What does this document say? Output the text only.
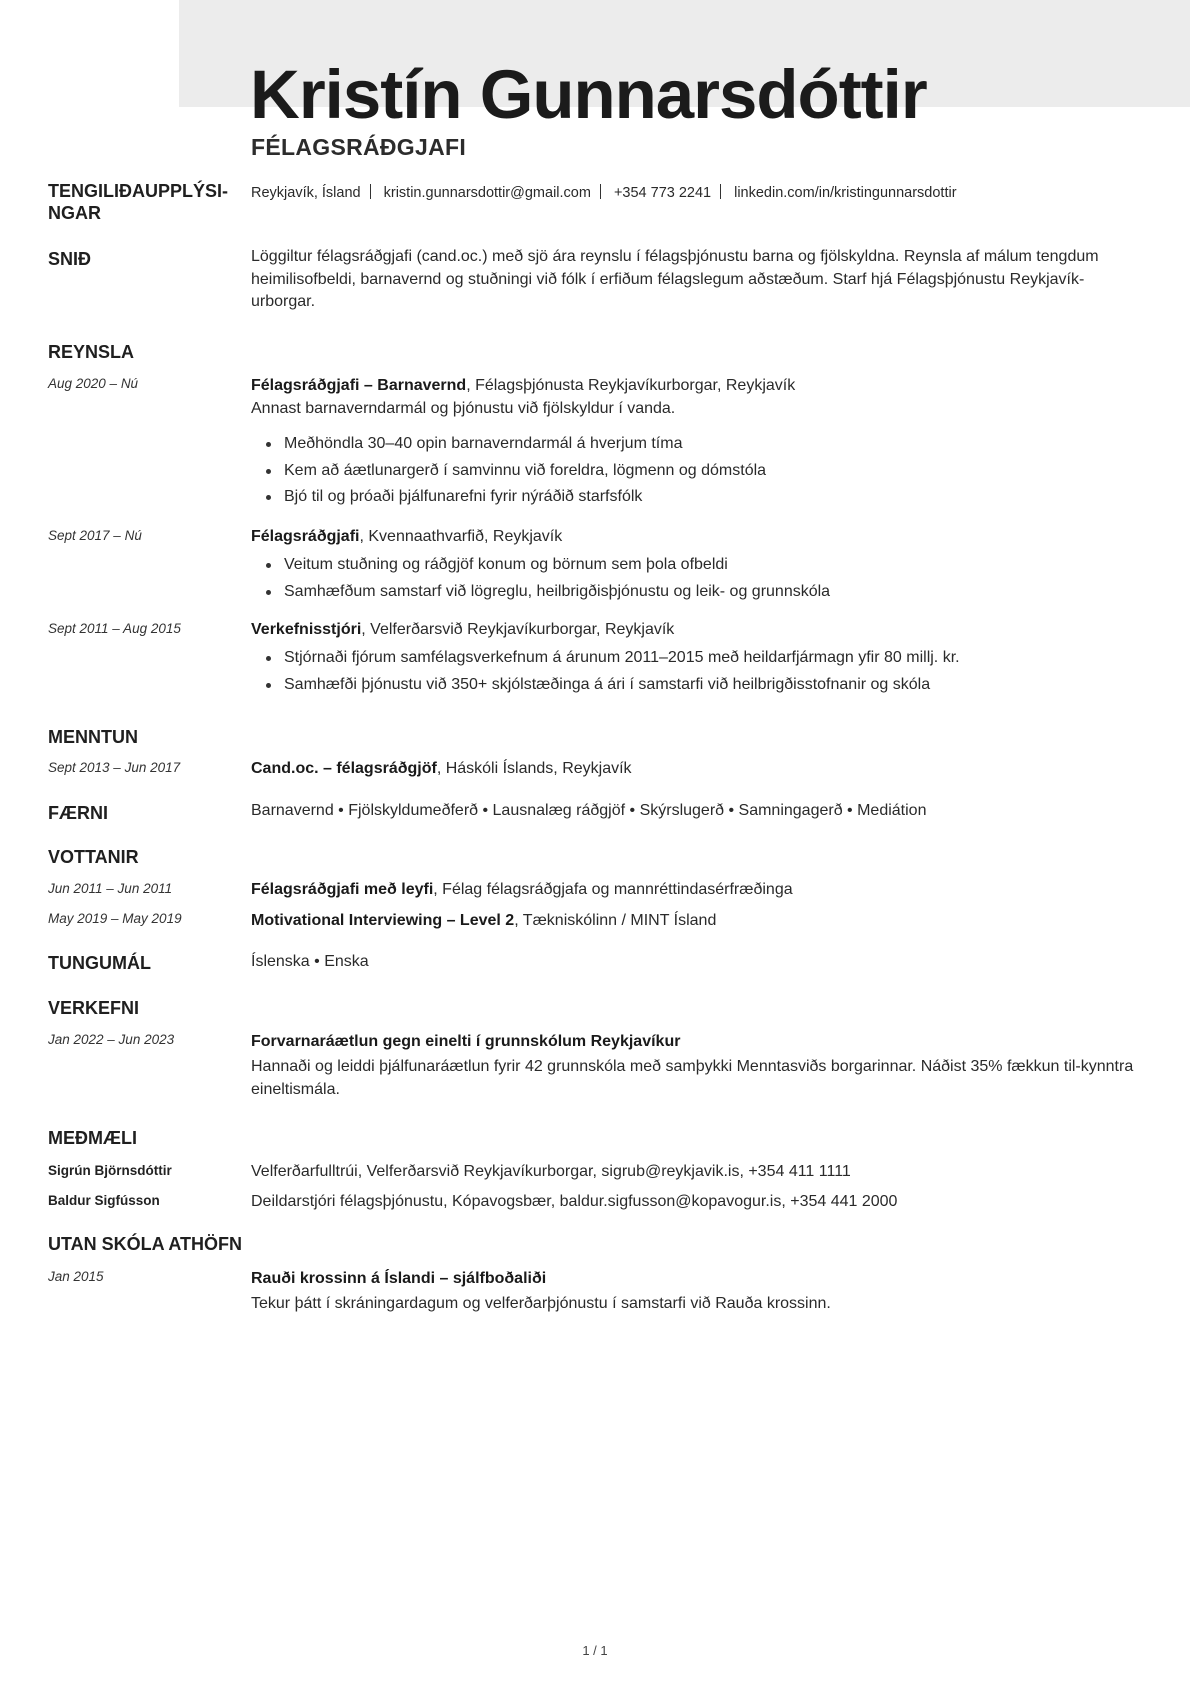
Kristín Gunnarsdóttir
FÉLAGSRÁÐGJAFI
TENGILIÐAUPPLÝSI-
NGAR
Reykjavík, Ísland kristin.gunnarsdottir@gmail.com +354 773 2241 linkedin.com/in/kristingunnarsdottir
SNIÐ	Löggiltur félagsráðgjafi (cand.oc.) með sjö ára reynslu í félagsþjónustu barna og fjölskyldna. Reynsla af málum tengdum heimilisofbeldi, barnavernd og stuðningi við fólk í erfiðum félagslegum aðstæðum. Starf hjá Félagsþjónustu Reykjavík-urborgar.
REYNSLA
Aug 2020 – Nú	Félagsráðgjafi – Barnavernd, Félagsþjónusta Reykjavíkurborgar, Reykjavík
Annast barnaverndarmál og þjónustu við fjölskyldur í vanda.
Meðhöndla 30–40 opin barnaverndarmál á hverjum tíma
Kem að áætlunargerð í samvinnu við foreldra, lögmenn og dómstóla
Bjó til og þróaði þjálfunarefni fyrir nýráðið starfsfólk
Sept 2017 – Nú	Félagsráðgjafi, Kvennaathvarfið, Reykjavík
Veitum stuðning og ráðgjöf konum og börnum sem þola ofbeldi
Samhæfðum samstarf við lögreglu, heilbrigðisþjónustu og leik- og grunnskóla
Sept 2011 – Aug 2015	Verkefnisstjóri, Velferðarsvið Reykjavíkurborgar, Reykjavík
Stjórnaði fjórum samfélagsverkefnum á árunum 2011–2015 með heildarfjármagn yfir 80 millj. kr.
Samhæfði þjónustu við 350+ skjólstæðinga á ári í samstarfi við heilbrigðisstofnanir og skóla
MENNTUN
Sept 2013 – Jun 2017	Cand.oc. – félagsráðgjöf, Háskóli Íslands, Reykjavík
FÆRNI	Barnavernd • Fjölskyldumeðferð • Lausnalæg ráðgjöf • Skýrslugerð • Samningagerð • Mediátion
VOTTANIR
Jun 2011 – Jun 2011	Félagsráðgjafi með leyfi, Félag félagsráðgjafa og mannréttindasérfræðinga
May 2019 – May 2019	Motivational Interviewing – Level 2, Tækniskólinn / MINT Ísland
TUNGUMÁL	Íslenska • Enska
VERKEFNI
Jan 2022 – Jun 2023	Forvarnaráætlun gegn einelti í grunnskólum Reykjavíkur
Hannaði og leiddi þjálfunaráætlun fyrir 42 grunnskóla með samþykki Menntasviðs borgarinnar. Náðist 35% fækkun til-kynntra eineltismála.
MEÐMÆLI
Sigrún Björnsdóttir	Velferðarfulltrúi, Velferðarsvið Reykjavíkurborgar, sigrub@reykjavik.is, +354 411 1111
Baldur Sigfússon	Deildarstjóri félagsþjónustu, Kópavogsbær, baldur.sigfusson@kopavogur.is, +354 441 2000
UTAN SKÓLA ATHÖFN
Jan 2015	Rauði krossinn á Íslandi – sjálfboðaliði
Tekur þátt í skráningardagum og velferðarþjónustu í samstarfi við Rauða krossinn.
1 / 1
